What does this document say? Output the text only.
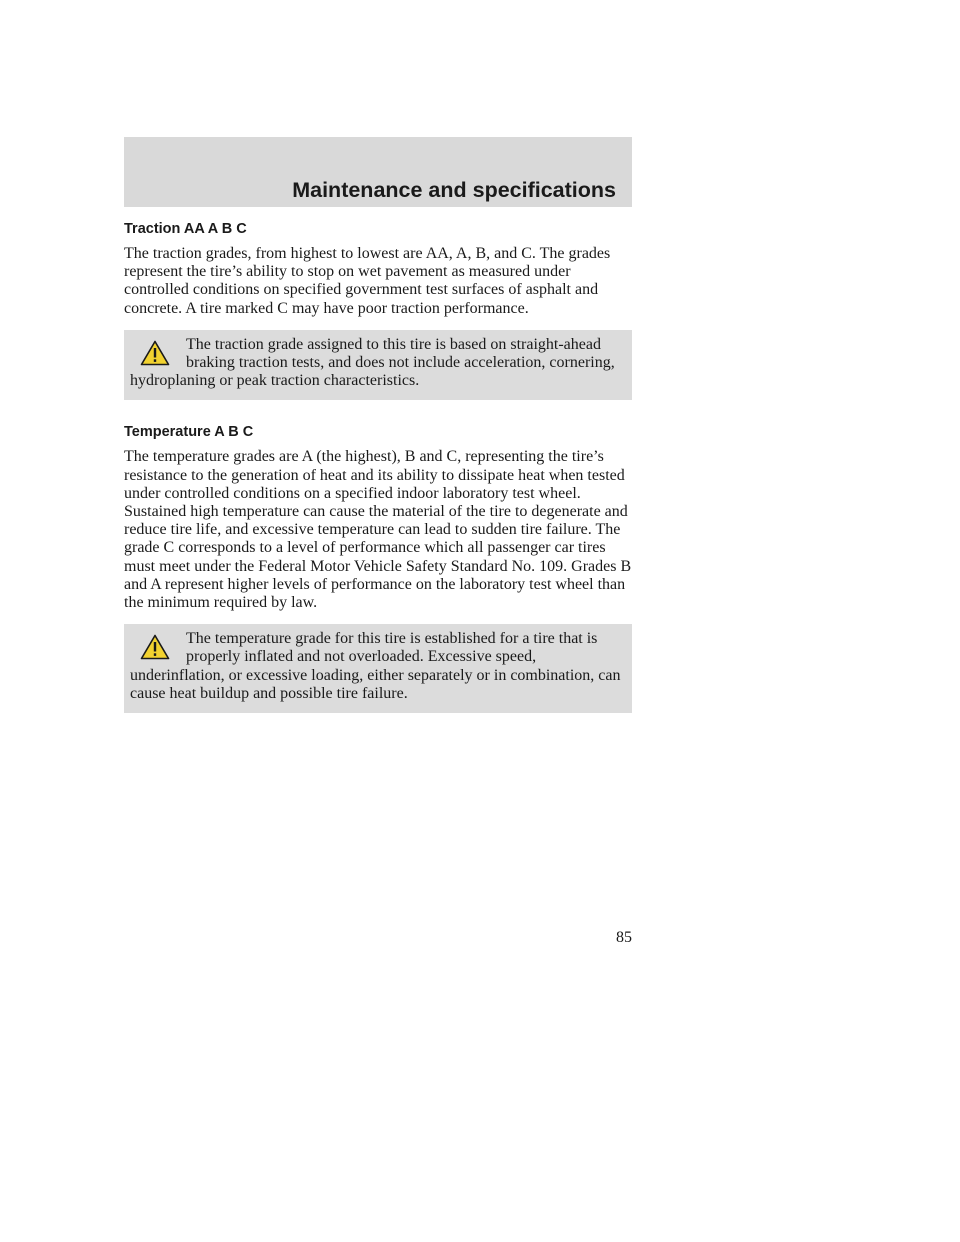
Maintenance and specifications
Traction AA A B C

The traction grades, from highest to lowest are AA, A, B, and C. The grades represent the tire’s ability to stop on wet pavement as measured under controlled conditions on specified government test surfaces of asphalt and concrete. A tire marked C may have poor traction performance.

The traction grade assigned to this tire is based on straight-ahead braking traction tests, and does not include acceleration, cornering, hydroplaning or peak traction characteristics.
Temperature A B C

The temperature grades are A (the highest), B and C, representing the tire’s resistance to the generation of heat and its ability to dissipate heat when tested under controlled conditions on a specified indoor laboratory test wheel. Sustained high temperature can cause the material of the tire to degenerate and reduce tire life, and excessive temperature can lead to sudden tire failure. The grade C corresponds to a level of performance which all passenger car tires must meet under the Federal Motor Vehicle Safety Standard No. 109. Grades B and A represent higher levels of performance on the laboratory test wheel than the minimum required by law.

The temperature grade for this tire is established for a tire that is properly inflated and not overloaded. Excessive speed, underinflation, or excessive loading, either separately or in combination, can cause heat buildup and possible tire failure.
85
